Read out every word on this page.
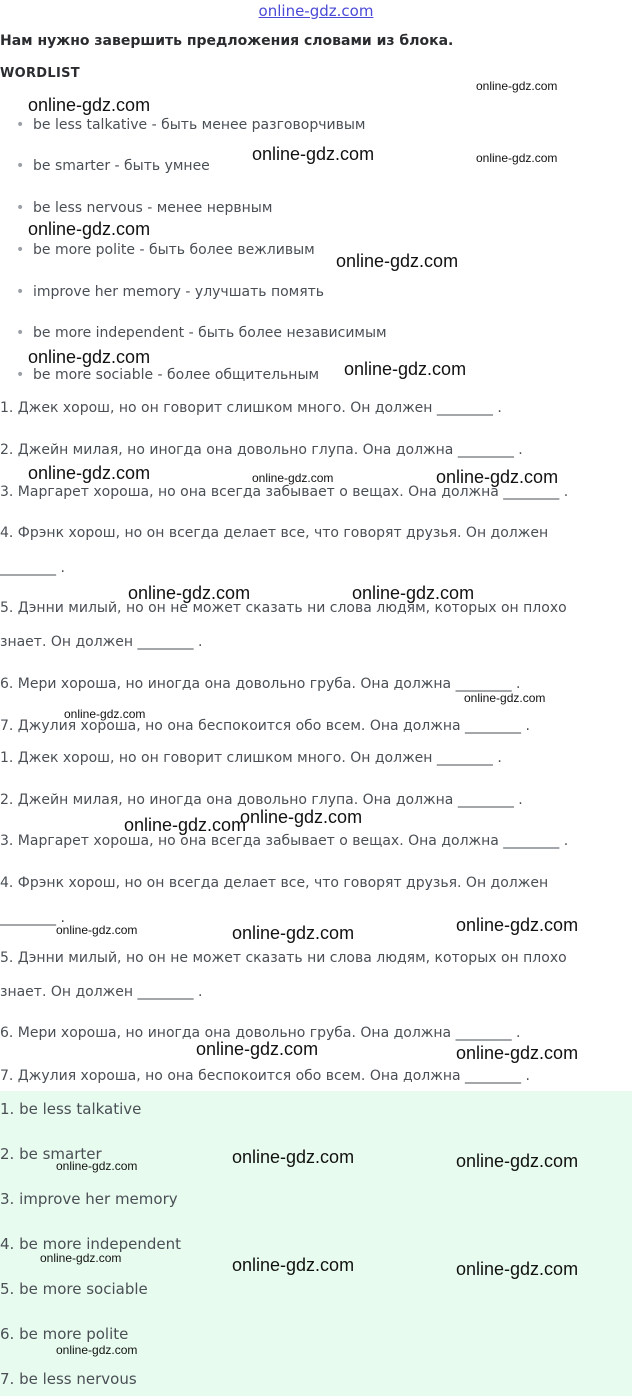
online-gdz.com
Нам нужно завершить предложения словами из блока.
WORDLIST
• be less talkative - быть менее разговорчивым
• be smarter - быть умнее
• be less nervous - менее нервным
• be more polite - быть более вежливым
• improve her memory - улучшать помять
• be more independent - быть более независимым
• be more sociable - более общительным
1. Джек хорош, но он говорит слишком много. Он должен ________ .
2. Джейн милая, но иногда она довольно глупа. Она должна ________ .
3. Маргарет хороша, но она всегда забывает о вещах. Она должна ________ .
4. Фрэнк хорош, но он всегда делает все, что говорят друзья. Он должен
________ .
5. Дэнни милый, но он не может сказать ни слова людям, которых он плохо
знает. Он должен ________ .
6. Мери хороша, но иногда она довольно груба. Она должна ________ .
7. Джулия хороша, но она беспокоится обо всем. Она должна ________ .
1. Джек хорош, но он говорит слишком много. Он должен ________ .
2. Джейн милая, но иногда она довольно глупа. Она должна ________ .
3. Маргарет хороша, но она всегда забывает о вещах. Она должна ________ .
4. Фрэнк хорош, но он всегда делает все, что говорят друзья. Он должен
________ .
5. Дэнни милый, но он не может сказать ни слова людям, которых он плохо
знает. Он должен ________ .
6. Мери хороша, но иногда она довольно груба. Она должна ________ .
7. Джулия хороша, но она беспокоится обо всем. Она должна ________ .
1. be less talkative
2. be smarter
3. improve her memory
4. be more independent
5. be more sociable
6. be more polite
7. be less nervous
online-gdz.com
online-gdz.com
online-gdz.com	online-gdz.com
online-gdz.com
online-gdz.com
online-gdz.com
online-gdz.com
online-gdz.com	online-gdz.com	online-gdz.com
online-gdz.com	online-gdz.com
online-gdz.com
online-gdz.com
online-gdz.com
online-gdz.com
online-gdz.com	online-gdz.com	online-gdz.com
online-gdz.com	online-gdz.com
online-gdz.com	online-gdz.com
online-gdz.com
online-gdz.com	online-gdz.com	online-gdz.com
online-gdz.com
